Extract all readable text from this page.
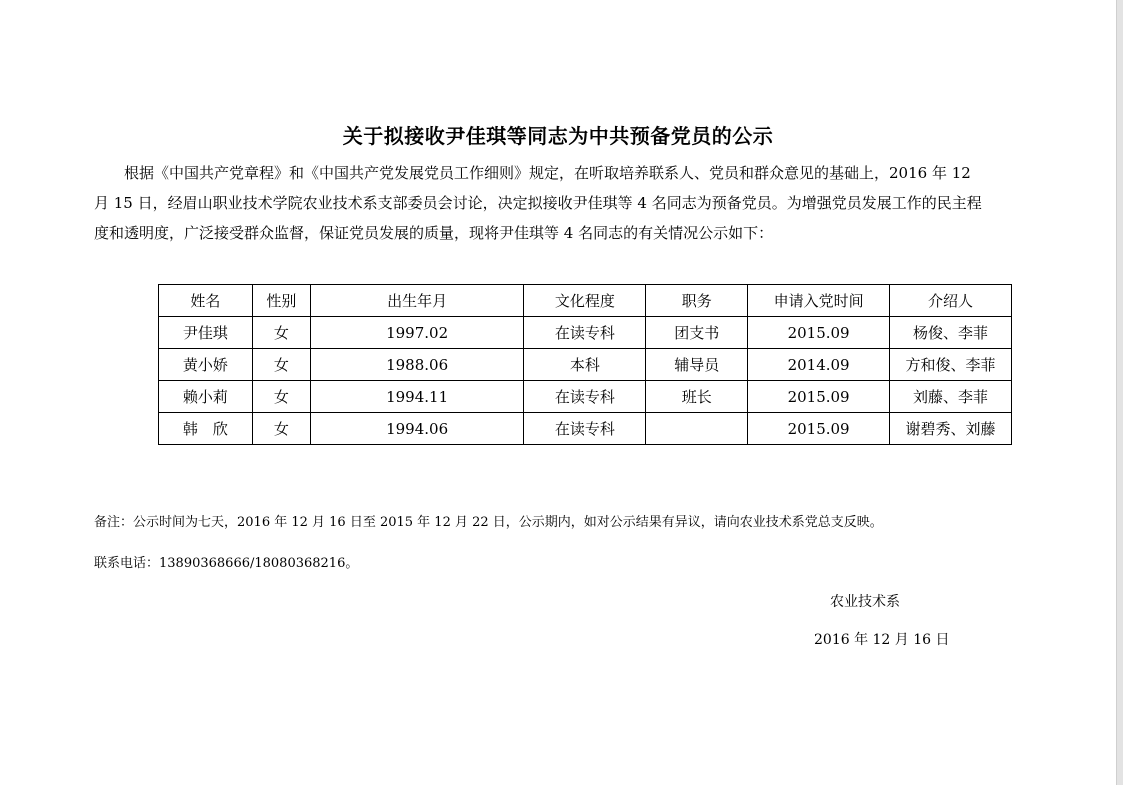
关于拟接收尹佳琪等同志为中共预备党员的公示
根据《中国共产党章程》和《中国共产党发展党员工作细则》规定，在听取培养联系人、党员和群众意见的基础上，2016 年 12
月 15 日，经眉山职业技术学院农业技术系支部委员会讨论，决定拟接收尹佳琪等 4 名同志为预备党员。为增强党员发展工作的民主程
度和透明度，广泛接受群众监督，保证党员发展的质量，现将尹佳琪等 4 名同志的有关情况公示如下：
姓名	性别	出生年月	文化程度	职务	申请入党时间	介绍人
尹佳琪	女	1997.02	在读专科	团支书	2015.09	杨俊、李菲
黄小娇	女	1988.06	本科	辅导员	2014.09	方和俊、李菲
赖小莉	女	1994.11	在读专科	班长	2015.09	刘藤、李菲
韩　欣	女	1994.06	在读专科		2015.09	谢碧秀、刘藤
备注：公示时间为七天，2016 年 12 月 16 日至 2015 年 12 月 22 日，公示期内，如对公示结果有异议，请向农业技术系党总支反映。
联系电话：13890368666/18080368216。
农业技术系
2016 年 12 月 16 日
